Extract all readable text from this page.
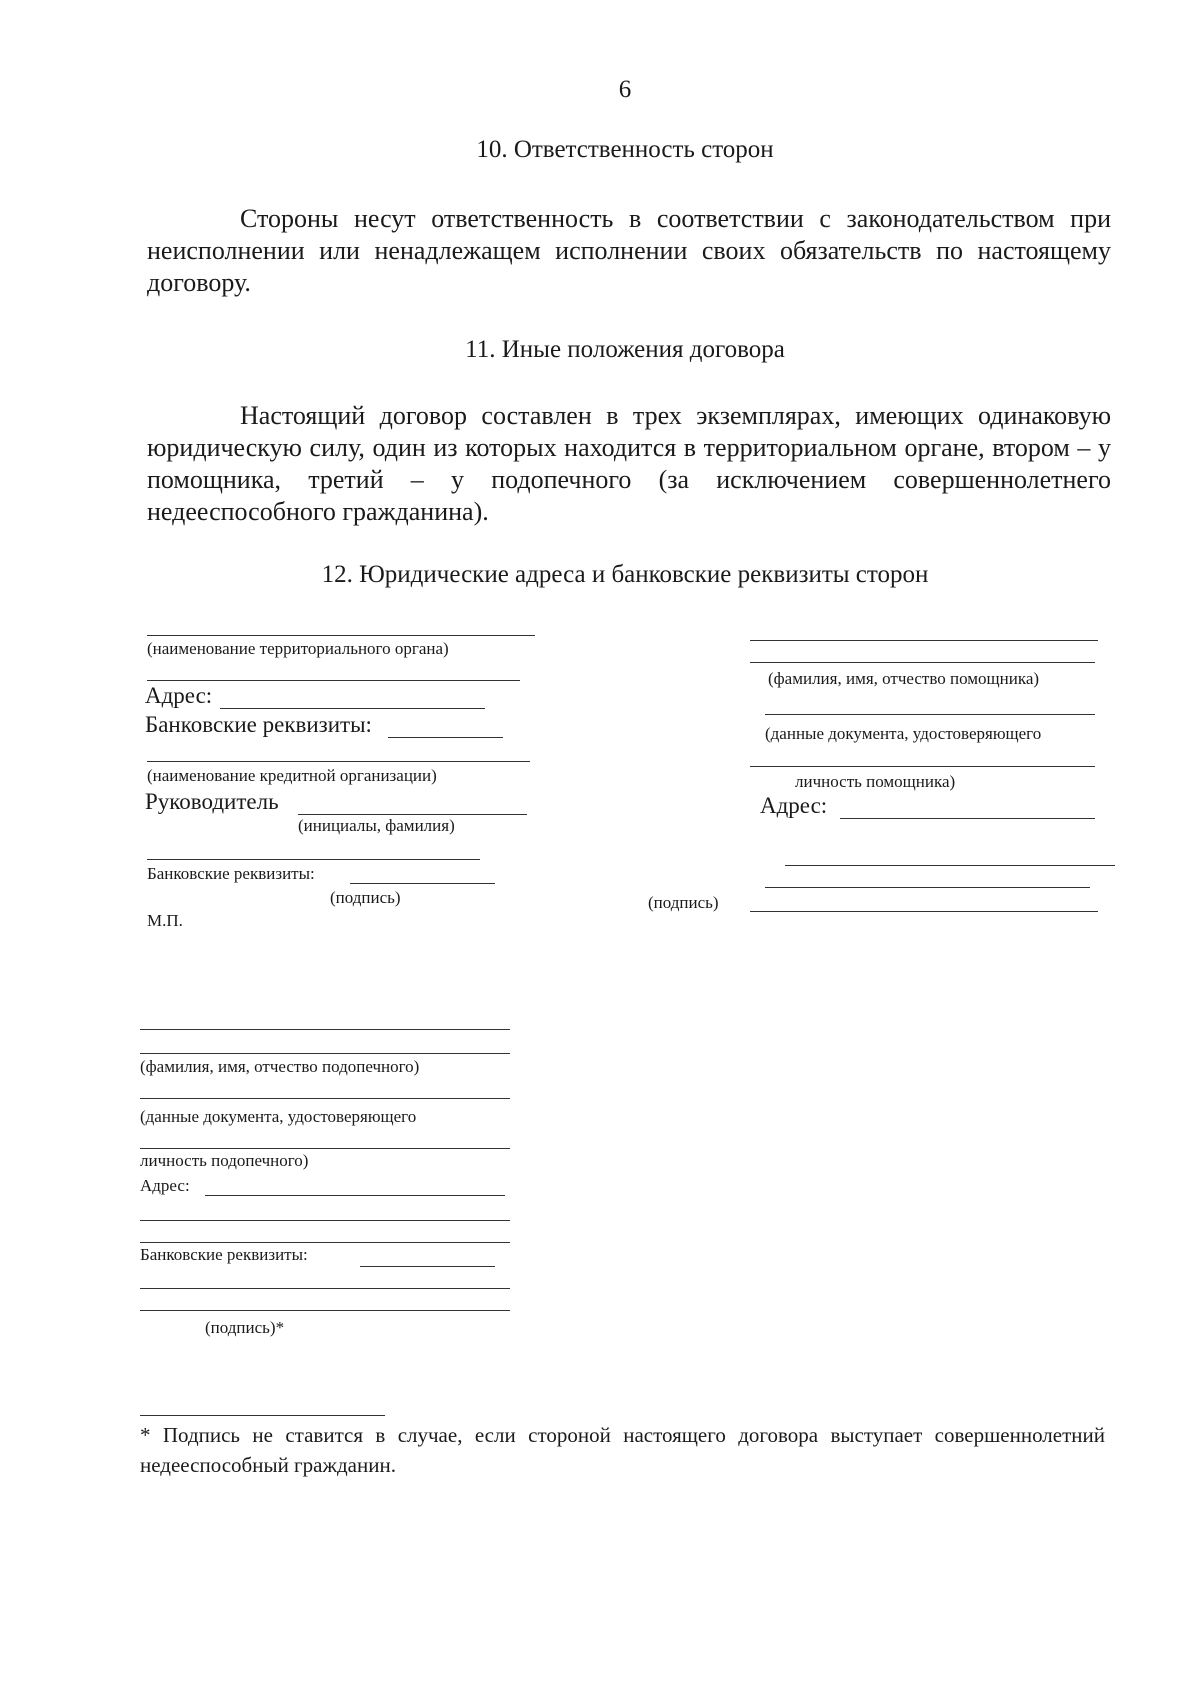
6
10. Ответственность сторон
Стороны несут ответственность в соответствии с законодательством при неисполнении или ненадлежащем исполнении своих обязательств по настоящему договору.
11. Иные положения договора
Настоящий договор составлен в трех экземплярах, имеющих одинаковую юридическую силу, один из которых находится в территориальном органе, втором – у помощника, третий – у подопечного (за исключением совершеннолетнего недееспособного гражданина).
12. Юридические адреса и банковские реквизиты сторон
(наименование территориального органа)
Адрес:
Банковские реквизиты:
(наименование кредитной организации)
Руководитель
(инициалы, фамилия)
Банковские реквизиты:
(подпись)
М.П.
(фамилия, имя, отчество помощника)
(данные документа, удостоверяющего
личность помощника)
Адрес:
(подпись)
(фамилия, имя, отчество подопечного)
(данные документа, удостоверяющего
личность подопечного)
Адрес:
Банковские реквизиты:
(подпись)*
* Подпись не ставится в случае, если стороной настоящего договора выступает совершеннолетний недееспособный гражданин.
